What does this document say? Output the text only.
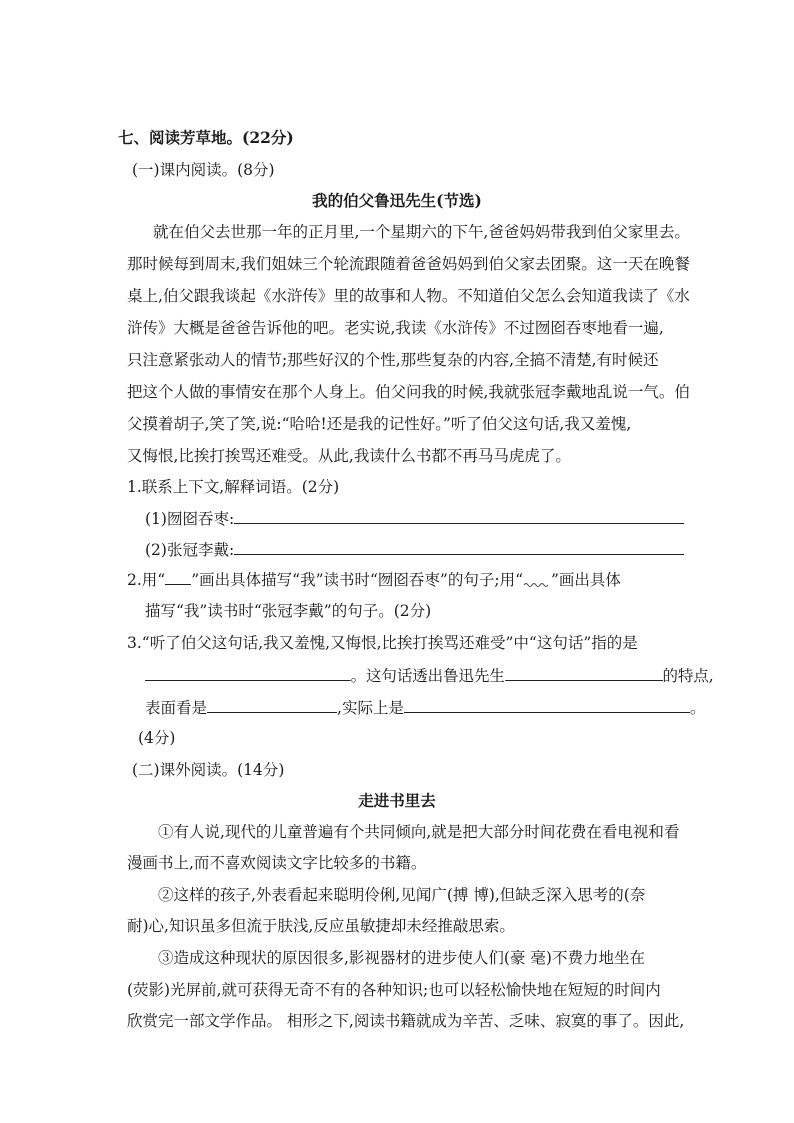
七、阅读芳草地。(22分)
(一)课内阅读。(8分)
我的伯父鲁迅先生(节选)
就在伯父去世那一年的正月里,一个星期六的下午,爸爸妈妈带我到伯父家里去。
那时候每到周末,我们姐妹三个轮流跟随着爸爸妈妈到伯父家去团聚。这一天在晚餐
桌上,伯父跟我谈起《水浒传》里的故事和人物。不知道伯父怎么会知道我读了《水
浒传》大概是爸爸告诉他的吧。老实说,我读《水浒传》不过囫囵吞枣地看一遍,
只注意紧张动人的情节;那些好汉的个性,那些复杂的内容,全搞不清楚,有时候还
把这个人做的事情安在那个人身上。伯父问我的时候,我就张冠李戴地乱说一气。伯
父摸着胡子,笑了笑,说:“哈哈!还是我的记性好。”听了伯父这句话,我又羞愧,
又悔恨,比挨打挨骂还难受。从此,我读什么书都不再马马虎虎了。
1.联系上下文,解释词语。(2分)
(1)囫囵吞枣:
(2)张冠李戴:
2.用“ ”画出具体描写“我”读书时“囫囵吞枣”的句子;用“ ”画出具体
描写“我”读书时“张冠李戴”的句子。(2分)
3.“听了伯父这句话,我又羞愧,又悔恨,比挨打挨骂还难受”中“这句话”指的是
。这句话透出鲁迅先生	的特点,
表面看是	,实际上是	。
(4分)
(二)课外阅读。(14分)
走进书里去
①有人说,现代的儿童普遍有个共同倾向,就是把大部分时间花费在看电视和看
漫画书上,而不喜欢阅读文字比较多的书籍。
②这样的孩子,外表看起来聪明伶俐,见闻广(搏 博),但缺乏深入思考的(奈
耐)心,知识虽多但流于肤浅,反应虽敏捷却未经推敲思索。
③造成这种现状的原因很多,影视器材的进步使人们(豪 毫)不费力地坐在
(荧影)光屏前,就可获得无奇不有的各种知识;也可以轻松愉快地在短短的时间内
欣赏完一部文学作品。 相形之下,阅读书籍就成为辛苦、乏味、寂寞的事了。因此,
